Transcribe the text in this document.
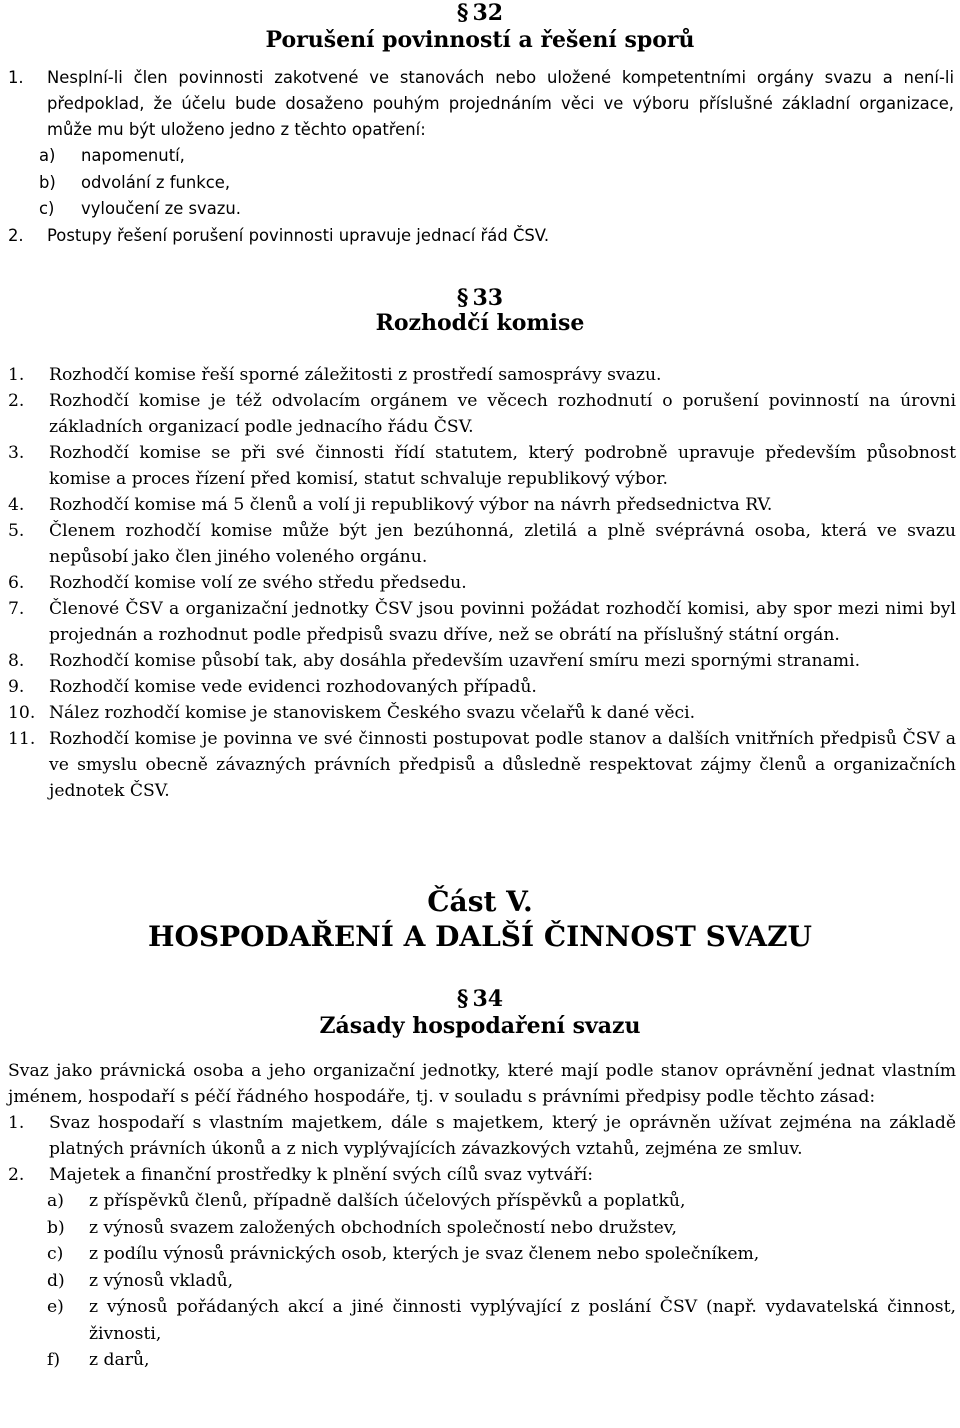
§ 32
Porušení povinností a řešení sporů
1.	Nesplní-li člen povinnosti zakotvené ve stanovách nebo uložené kompetentními orgány svazu a není-li předpoklad, že účelu bude dosaženo pouhým projednáním věci ve výboru příslušné základní organizace, může mu být uloženo jedno z těchto opatření:
a)	napomenutí,
b)	odvolání z funkce,
c)	vyloučení ze svazu.
2.	Postupy řešení porušení povinnosti upravuje jednací řád ČSV.
§ 33
Rozhodčí komise
1.	Rozhodčí komise řeší sporné záležitosti z prostředí samosprávy svazu.
2.	Rozhodčí komise je též odvolacím orgánem ve věcech rozhodnutí o porušení povinností na úrovni základních organizací podle jednacího řádu ČSV.
3.	Rozhodčí komise se při své činnosti řídí statutem, který podrobně upravuje především působnost komise a proces řízení před komisí, statut schvaluje republikový výbor.
4.	Rozhodčí komise má 5 členů a volí ji republikový výbor na návrh předsednictva RV.
5.	Členem rozhodčí komise může být jen bezúhonná, zletilá a plně svéprávná osoba, která ve svazu nepůsobí jako člen jiného voleného orgánu.
6.	Rozhodčí komise volí ze svého středu předsedu.
7.	Členové ČSV a organizační jednotky ČSV jsou povinni požádat rozhodčí komisi, aby spor mezi nimi byl projednán a rozhodnut podle předpisů svazu dříve, než se obrátí na příslušný státní orgán.
8.	Rozhodčí komise působí tak, aby dosáhla především uzavření smíru mezi spornými stranami.
9.	Rozhodčí komise vede evidenci rozhodovaných případů.
10. Nález rozhodčí komise je stanoviskem Českého svazu včelařů k dané věci.
11. Rozhodčí komise je povinna ve své činnosti postupovat podle stanov a dalších vnitřních předpisů ČSV a ve smyslu obecně závazných právních předpisů a důsledně respektovat zájmy členů a organizačních jednotek ČSV.
Část V.
HOSPODAŘENÍ A DALŠÍ ČINNOST SVAZU
§ 34
Zásady hospodaření svazu

Svaz jako právnická osoba a jeho organizační jednotky, které mají podle stanov oprávnění jednat vlastním jménem, hospodaří s péčí řádného hospodáře, tj. v souladu s právními předpisy podle těchto zásad:

1.	Svaz hospodaří s vlastním majetkem, dále s majetkem, který je oprávněn užívat zejména na základě platných právních úkonů a z nich vyplývajících závazkových vztahů, zejména ze smluv.
2.	Majetek a finanční prostředky k plnění svých cílů svaz vytváří:
a)	z příspěvků členů, případně dalších účelových příspěvků a poplatků,
b)	z výnosů svazem založených obchodních společností nebo družstev,
c)	z podílu výnosů právnických osob, kterých je svaz členem nebo společníkem,
d)	z výnosů vkladů,
e)	z výnosů pořádaných akcí a jiné činnosti vyplývající z poslání ČSV (např. vydavatelská činnost, živnosti,
f)	z darů,
